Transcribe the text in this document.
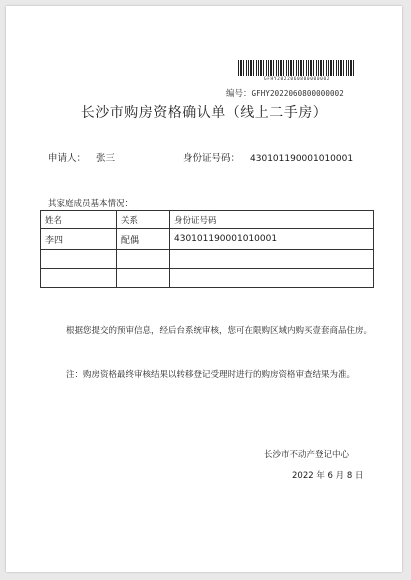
GFHY2022060800000002
编号：GFHY2022060800000002
长沙市购房资格确认单（线上二手房）
申请人： 张三	身份证号码： 430101190001010001
其家庭成员基本情况：
姓名	关系	身份证号码
李四	配偶	430101190001010001

根据您提交的预审信息，经后台系统审核，您可在限购区域内购买壹套商品住房。
注：购房资格最终审核结果以转移登记受理时进行的购房资格审查结果为准。
长沙市不动产登记中心
2022 年 6 月 8 日
